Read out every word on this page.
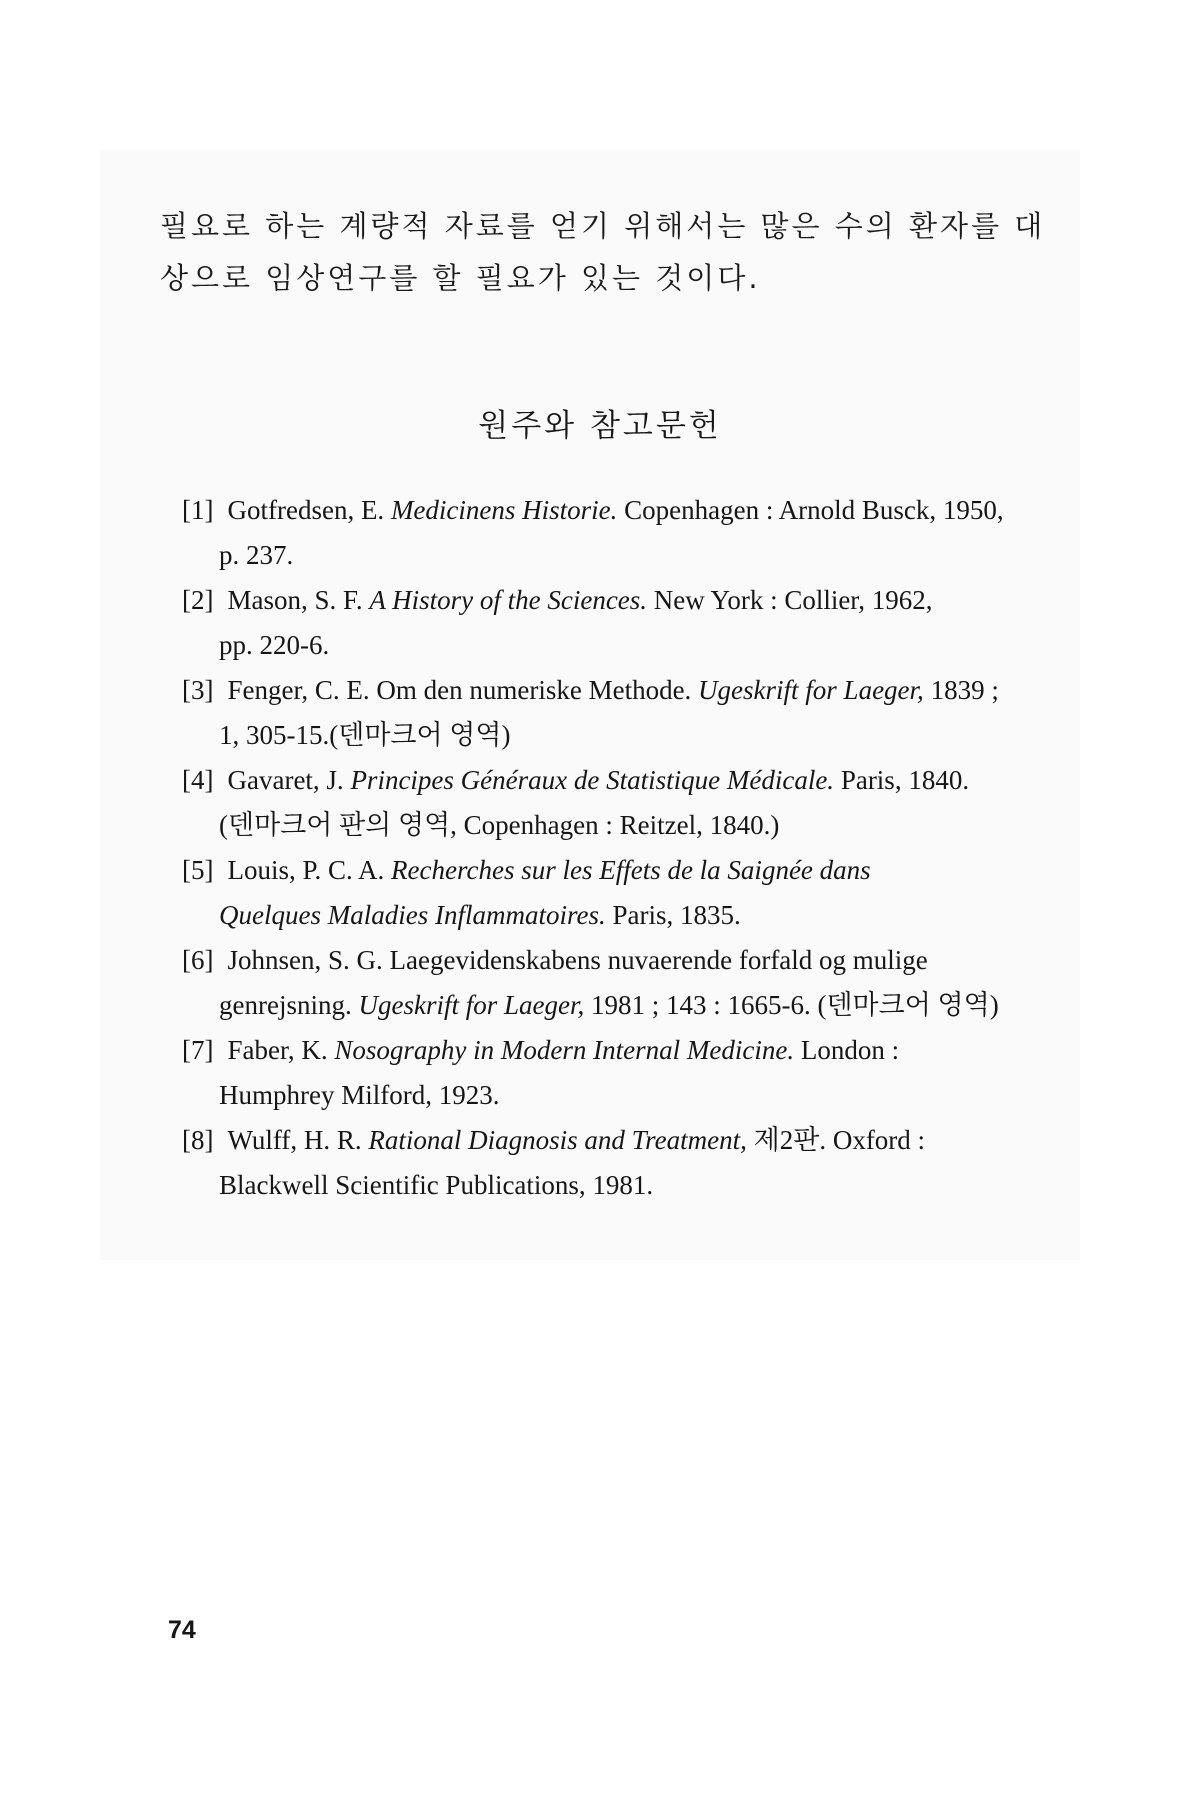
필요로 하는 계량적 자료를 얻기 위해서는 많은 수의 환자를 대상으로 임상연구를 할 필요가 있는 것이다.

원주와 참고문헌
[1] Gotfredsen, E. Medicinens Historie. Copenhagen : Arnold Busck, 1950,
p. 237.
[2] Mason, S. F. A History of the Sciences. New York : Collier, 1962,
pp. 220-6.
[3] Fenger, C. E. Om den numeriske Methode. Ugeskrift for Laeger, 1839 ;
1, 305-15.(덴마크어 영역)
[4] Gavaret, J. Principes Généraux de Statistique Médicale. Paris, 1840.
(덴마크어 판의 영역, Copenhagen : Reitzel, 1840.)
[5] Louis, P. C. A. Recherches sur les Effets de la Saignée dans
Quelques Maladies Inflammatoires. Paris, 1835.
[6] Johnsen, S. G. Laegevidenskabens nuvaerende forfald og mulige
genrejsning. Ugeskrift for Laeger, 1981 ; 143 : 1665-6. (덴마크어 영역)
[7] Faber, K. Nosography in Modern Internal Medicine. London :
Humphrey Milford, 1923.
[8] Wulff, H. R. Rational Diagnosis and Treatment, 제2판. Oxford :
Blackwell Scientific Publications, 1981.

74
